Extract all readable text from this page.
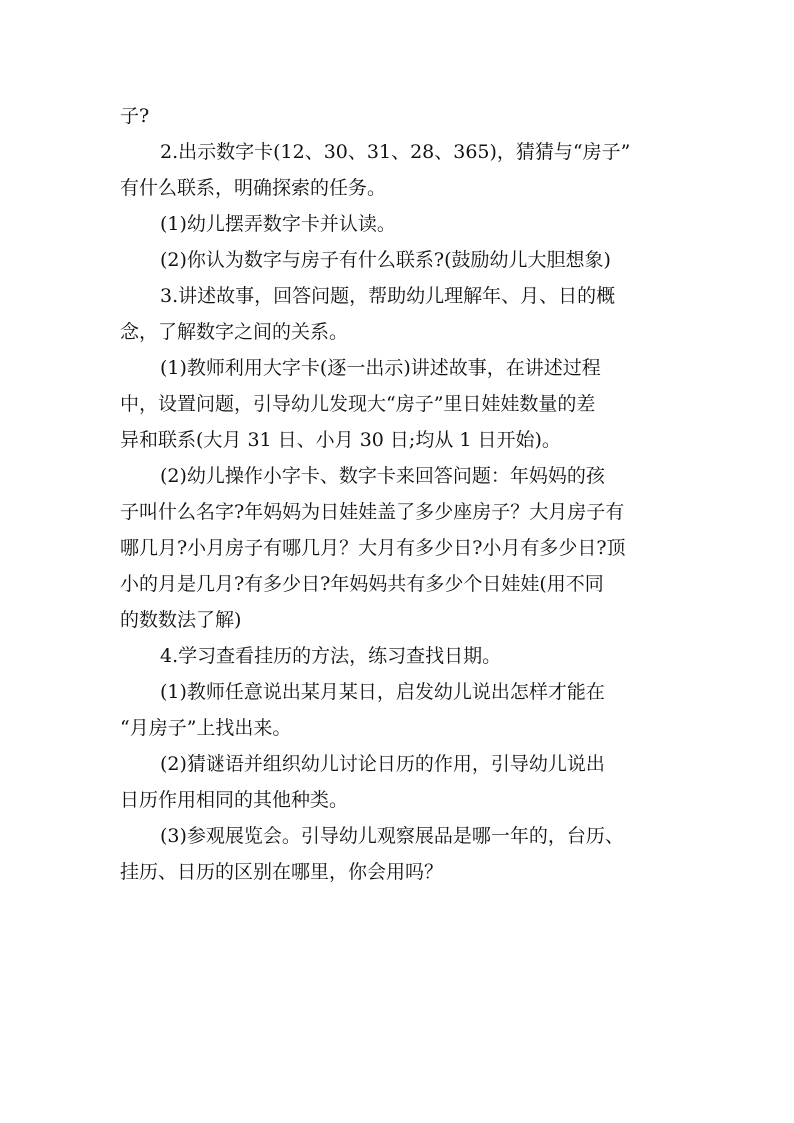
子?
2.出示数字卡(12、30、31、28、365)，猜猜与“房子”
有什么联系，明确探索的任务。
(1)幼儿摆弄数字卡并认读。
(2)你认为数字与房子有什么联系?(鼓励幼儿大胆想象)
3.讲述故事，回答问题，帮助幼儿理解年、月、日的概
念，了解数字之间的关系。
(1)教师利用大字卡(逐一出示)讲述故事，在讲述过程
中，设置问题，引导幼儿发现大“房子”里日娃娃数量的差
异和联系(大月 31 日、小月 30 日;均从 1 日开始)。
(2)幼儿操作小字卡、数字卡来回答问题：年妈妈的孩
子叫什么名字?年妈妈为日娃娃盖了多少座房子？大月房子有
哪几月?小月房子有哪几月？大月有多少日?小月有多少日?顶
小的月是几月?有多少日?年妈妈共有多少个日娃娃(用不同
的数数法了解)
4.学习查看挂历的方法，练习查找日期。
(1)教师任意说出某月某日，启发幼儿说出怎样才能在
“月房子”上找出来。
(2)猜谜语并组织幼儿讨论日历的作用，引导幼儿说出
日历作用相同的其他种类。
(3)参观展览会。引导幼儿观察展品是哪一年的，台历、
挂历、日历的区别在哪里，你会用吗？
